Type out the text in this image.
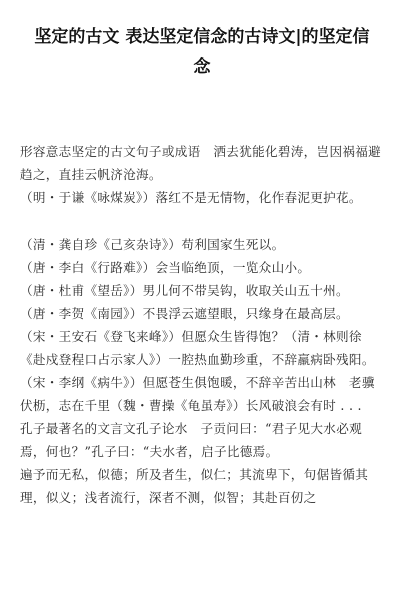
坚定的古文 表达坚定信念的古诗文|的坚定信念

形容意志坚定的古文句子或成语　洒去犹能化碧涛，岂因祸福避趋之，直挂云帆济沧海。

（明・于谦《咏煤炭》）落红不是无情物，化作春泥更护花。

（清・龚自珍《己亥杂诗》）苟利国家生死以。

（唐・李白《行路难》）会当临绝顶，一览众山小。

（唐・杜甫《望岳》）男儿何不带吴钩，收取关山五十州。

（唐・李贺《南园》）不畏浮云遮望眼，只缘身在最高层。

（宋・王安石《登飞来峰》）但愿众生皆得饱？（清・林则徐《赴戍登程口占示家人》）一腔热血勤珍重，不辞羸病卧残阳。

（宋・李纲《病牛》）但愿苍生俱饱暖，不辞辛苦出山林　老骥伏枥，志在千里（魏・曹操《龟虽寿》）长风破浪会有时 . . .

孔子最著名的文言文孔子论水　子贡问曰：“君子见大水必观焉，何也？”孔子曰：“夫水者，启子比德焉。

遍予而无私，似德；所及者生，似仁；其流卑下，句倨皆循其理，似义；浅者流行，深者不测，似智；其赴百仞之
